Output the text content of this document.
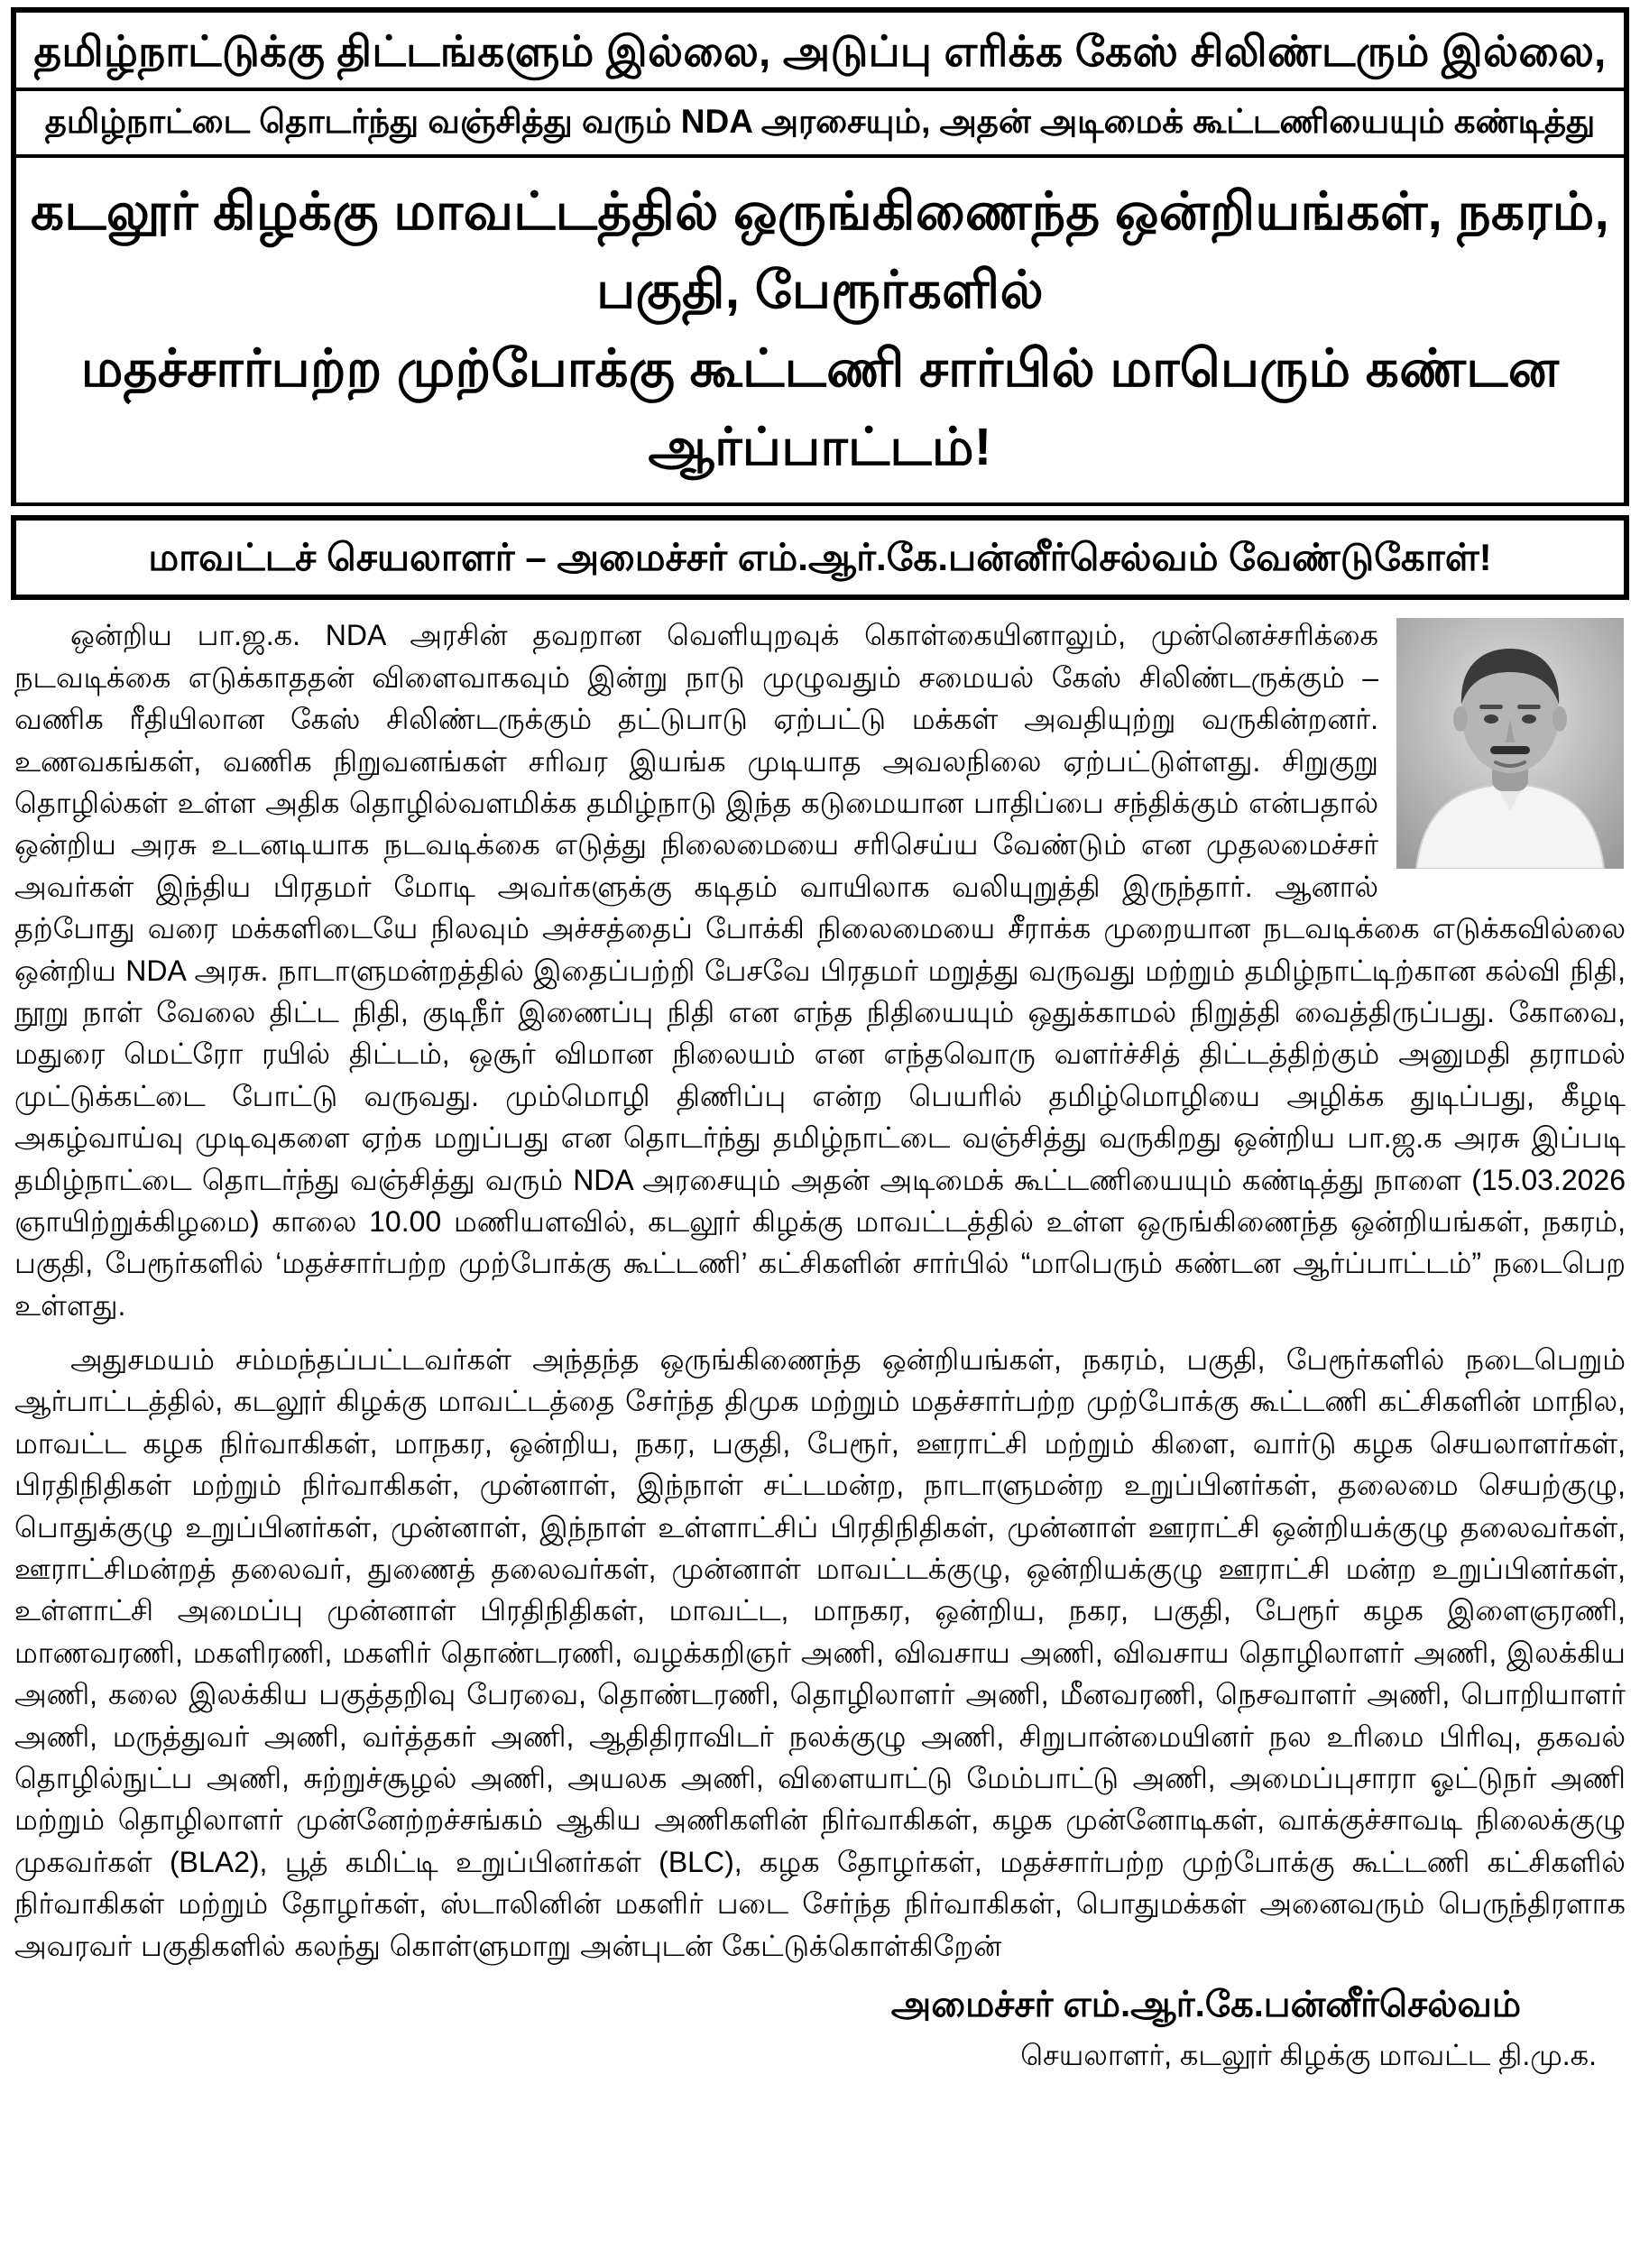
தமிழ்நாட்டுக்கு திட்டங்களும் இல்லை, அடுப்பு எரிக்க கேஸ் சிலிண்டரும் இல்லை,
தமிழ்நாட்டை தொடர்ந்து வஞ்சித்து வரும் NDA அரசையும், அதன் அடிமைக் கூட்டணியையும் கண்டித்து
கடலூர் கிழக்கு மாவட்டத்தில் ஒருங்கிணைந்த ஒன்றியங்கள், நகரம், பகுதி, பேரூர்களில்
மதச்சார்பற்ற முற்போக்கு கூட்டணி சார்பில் மாபெரும் கண்டன ஆர்ப்பாட்டம்!
மாவட்டச் செயலாளர் – அமைச்சர் எம்.ஆர்.கே.பன்னீர்செல்வம் வேண்டுகோள்!

ஒன்றிய பா.ஜ.க. NDA அரசின் தவறான வெளியுறவுக் கொள்கையினாலும், முன்னெச்சரிக்கை நடவடிக்கை எடுக்காததன் விளைவாகவும் இன்று நாடு முழுவதும் சமையல் கேஸ் சிலிண்டருக்கும் – வணிக ரீதியிலான கேஸ் சிலிண்டருக்கும் தட்டுபாடு ஏற்பட்டு மக்கள் அவதியுற்று வருகின்றனர். உணவகங்கள், வணிக நிறுவனங்கள் சரிவர இயங்க முடியாத அவலநிலை ஏற்பட்டுள்ளது. சிறுகுறு தொழில்கள் உள்ள அதிக தொழில்வளமிக்க தமிழ்நாடு இந்த கடுமையான பாதிப்பை சந்திக்கும் என்பதால் ஒன்றிய அரசு உடனடியாக நடவடிக்கை எடுத்து நிலைமையை சரிசெய்ய வேண்டும் என முதலமைச்சர் அவர்கள் இந்திய பிரதமர் மோடி அவர்களுக்கு கடிதம் வாயிலாக வலியுறுத்தி இருந்தார். ஆனால் தற்போது வரை மக்களிடையே நிலவும் அச்சத்தைப் போக்கி நிலைமையை சீராக்க முறையான நடவடிக்கை எடுக்கவில்லை ஒன்றிய NDA அரசு. நாடாளுமன்றத்தில் இதைப்பற்றி பேசவே பிரதமர் மறுத்து வருவது மற்றும் தமிழ்நாட்டிற்கான கல்வி நிதி, நூறு நாள் வேலை திட்ட நிதி, குடிநீர் இணைப்பு நிதி என எந்த நிதியையும் ஒதுக்காமல் நிறுத்தி வைத்திருப்பது. கோவை, மதுரை மெட்ரோ ரயில் திட்டம், ஒசூர் விமான நிலையம் என எந்தவொரு வளர்ச்சித் திட்டத்திற்கும் அனுமதி தராமல் முட்டுக்கட்டை போட்டு வருவது. மும்மொழி திணிப்பு என்ற பெயரில் தமிழ்மொழியை அழிக்க துடிப்பது, கீழடி அகழ்வாய்வு முடிவுகளை ஏற்க மறுப்பது என தொடர்ந்து தமிழ்நாட்டை வஞ்சித்து வருகிறது ஒன்றிய பா.ஜ.க அரசு இப்படி தமிழ்நாட்டை தொடர்ந்து வஞ்சித்து வரும் NDA அரசையும் அதன் அடிமைக் கூட்டணியையும் கண்டித்து நாளை (15.03.2026 ஞாயிற்றுக்கிழமை) காலை 10.00 மணியளவில், கடலூர் கிழக்கு மாவட்டத்தில் உள்ள ஒருங்கிணைந்த ஒன்றியங்கள், நகரம், பகுதி, பேரூர்களில் ‘மதச்சார்பற்ற முற்போக்கு கூட்டணி’ கட்சிகளின் சார்பில் “மாபெரும் கண்டன ஆர்ப்பாட்டம்” நடைபெற உள்ளது.

அதுசமயம் சம்மந்தப்பட்டவர்கள் அந்தந்த ஒருங்கிணைந்த ஒன்றியங்கள், நகரம், பகுதி, பேரூர்களில் நடைபெறும் ஆர்பாட்டத்தில், கடலூர் கிழக்கு மாவட்டத்தை சேர்ந்த திமுக மற்றும் மதச்சார்பற்ற முற்போக்கு கூட்டணி கட்சிகளின் மாநில, மாவட்ட கழக நிர்வாகிகள், மாநகர, ஒன்றிய, நகர, பகுதி, பேரூர், ஊராட்சி மற்றும் கிளை, வார்டு கழக செயலாளர்கள், பிரதிநிதிகள் மற்றும் நிர்வாகிகள், முன்னாள், இந்நாள் சட்டமன்ற, நாடாளுமன்ற உறுப்பினர்கள், தலைமை செயற்குழு, பொதுக்குழு உறுப்பினர்கள், முன்னாள், இந்நாள் உள்ளாட்சிப் பிரதிநிதிகள், முன்னாள் ஊராட்சி ஒன்றியக்குழு தலைவர்கள், ஊராட்சிமன்றத் தலைவர், துணைத் தலைவர்கள், முன்னாள் மாவட்டக்குழு, ஒன்றியக்குழு ஊராட்சி மன்ற உறுப்பினர்கள், உள்ளாட்சி அமைப்பு முன்னாள் பிரதிநிதிகள், மாவட்ட, மாநகர, ஒன்றிய, நகர, பகுதி, பேரூர் கழக இளைஞரணி, மாணவரணி, மகளிரணி, மகளிர் தொண்டரணி, வழக்கறிஞர் அணி, விவசாய அணி, விவசாய தொழிலாளர் அணி, இலக்கிய அணி, கலை இலக்கிய பகுத்தறிவு பேரவை, தொண்டரணி, தொழிலாளர் அணி, மீனவரணி, நெசவாளர் அணி, பொறியாளர் அணி, மருத்துவர் அணி, வர்த்தகர் அணி, ஆதிதிராவிடர் நலக்குழு அணி, சிறுபான்மையினர் நல உரிமை பிரிவு, தகவல் தொழில்நுட்ப அணி, சுற்றுச்சூழல் அணி, அயலக அணி, விளையாட்டு மேம்பாட்டு அணி, அமைப்புசாரா ஓட்டுநர் அணி மற்றும் தொழிலாளர் முன்னேற்றச்சங்கம் ஆகிய அணிகளின் நிர்வாகிகள், கழக முன்னோடிகள், வாக்குச்சாவடி நிலைக்குழு முகவர்கள் (BLA2), பூத் கமிட்டி உறுப்பினர்கள் (BLC), கழக தோழர்கள், மதச்சார்பற்ற முற்போக்கு கூட்டணி கட்சிகளில் நிர்வாகிகள் மற்றும் தோழர்கள், ஸ்டாலினின் மகளிர் படை சேர்ந்த நிர்வாகிகள், பொதுமக்கள் அனைவரும் பெருந்திரளாக அவரவர் பகுதிகளில் கலந்து கொள்ளுமாறு அன்புடன் கேட்டுக்கொள்கிறேன்

அமைச்சர் எம்.ஆர்.கே.பன்னீர்செல்வம்
செயலாளர், கடலூர் கிழக்கு மாவட்ட தி.மு.க.
